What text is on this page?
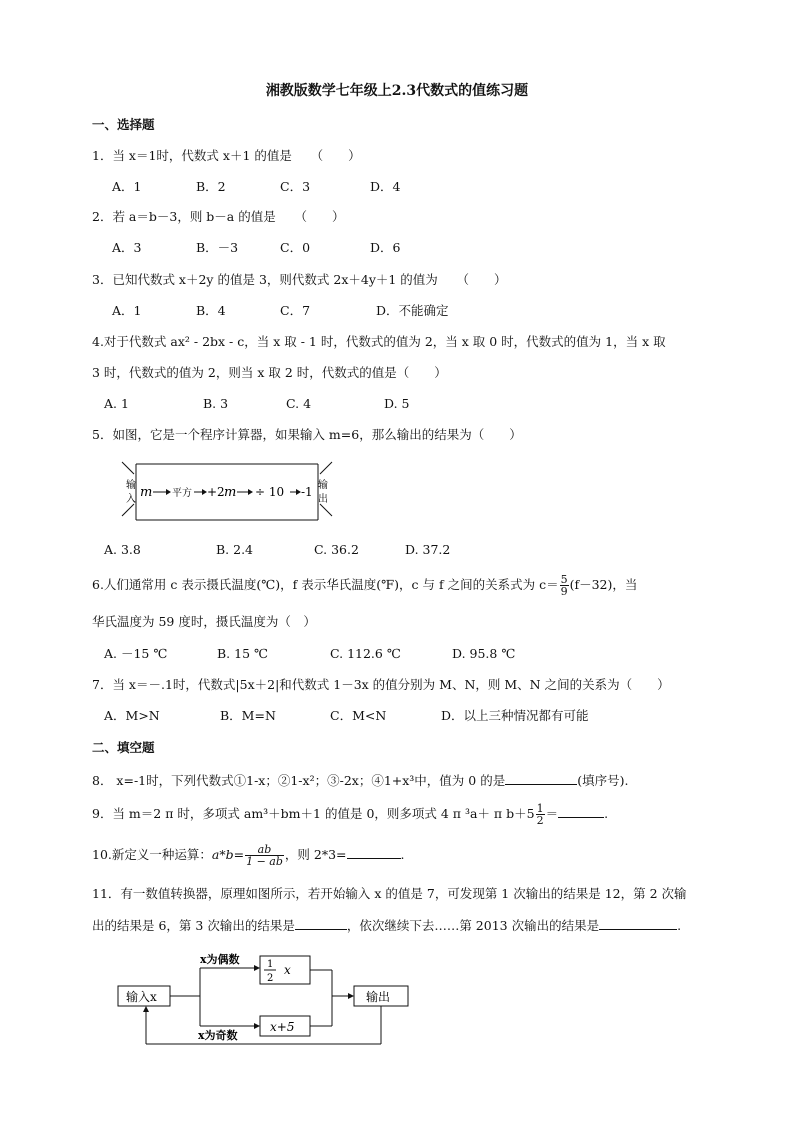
湘教版数学七年级上2.3代数式的值练习题
一、选择题
1．当 x＝1时，代数式 x＋1 的值是　　（　　）
A．1	B．2	C．3	D．4
2．若 a＝b－3，则 b－a 的值是　　（　　）
A．3	B．－3	C．0	D．6
3．已知代数式 x＋2y 的值是 3，则代数式 2x＋4y＋1 的值为　　（　　）
A．1	B．4	C．7	D．不能确定
4.对于代数式 ax² - 2bx - c，当 x 取 - 1 时，代数式的值为 2，当 x 取 0 时，代数式的值为 1，当 x 取
3 时，代数式的值为 2，则当 x 取 2 时，代数式的值是（　　）
A. 1	B. 3	C. 4	D. 5
5．如图，它是一个程序计算器，如果输入 m=6，那么输出的结果为（　　）
输
入
输
出
m 平方 +2 m ÷ 10 -1
A. 3.8	B. 2.4	C. 36.2	D. 37.2
6.人们通常用 c 表示摄氏温度(℃)，f 表示华氏温度(℉)，c 与 f 之间的关系式为 $c= \frac{5}{9} (f-32)$，当
华氏温度为 59 度时，摄氏温度为（　）
A. －15 ℃	B. 15 ℃	C. 112.6 ℃	D. 95.8 ℃
7．当 x＝－.1时，代数式|5x＋2|和代数式 1－3x 的值分别为 M、N，则 M、N 之间的关系为（　　）
A．M>N	B．M=N	C．M<N	D．以上三种情况都有可能
二、填空题
8． x=-1时，下列代数式①1-x；②1-x²；③-2x；④1+x³中，值为 0 的是	(填序号).
9．当 m＝2 π 时，多项式 am³＋bm＋1 的值是 0，则多项式 4 π ³a＋ π $b+5 \frac{1}{2}$ ＝	.
10.新定义一种运算：$a*b= \frac{ab}{1 - ab}$ ，则 2*3=	.
11．有一数值转换器，原理如图所示，若开始输入 x 的值是 7，可发现第 1 次输出的结果是 12，第 2 次输
出的结果是 6，第 3 次输出的结果是	，依次继续下去……第 2013 次输出的结果是	.
输入x
x为偶数	1
2
x
x+5
输出
x为奇数
